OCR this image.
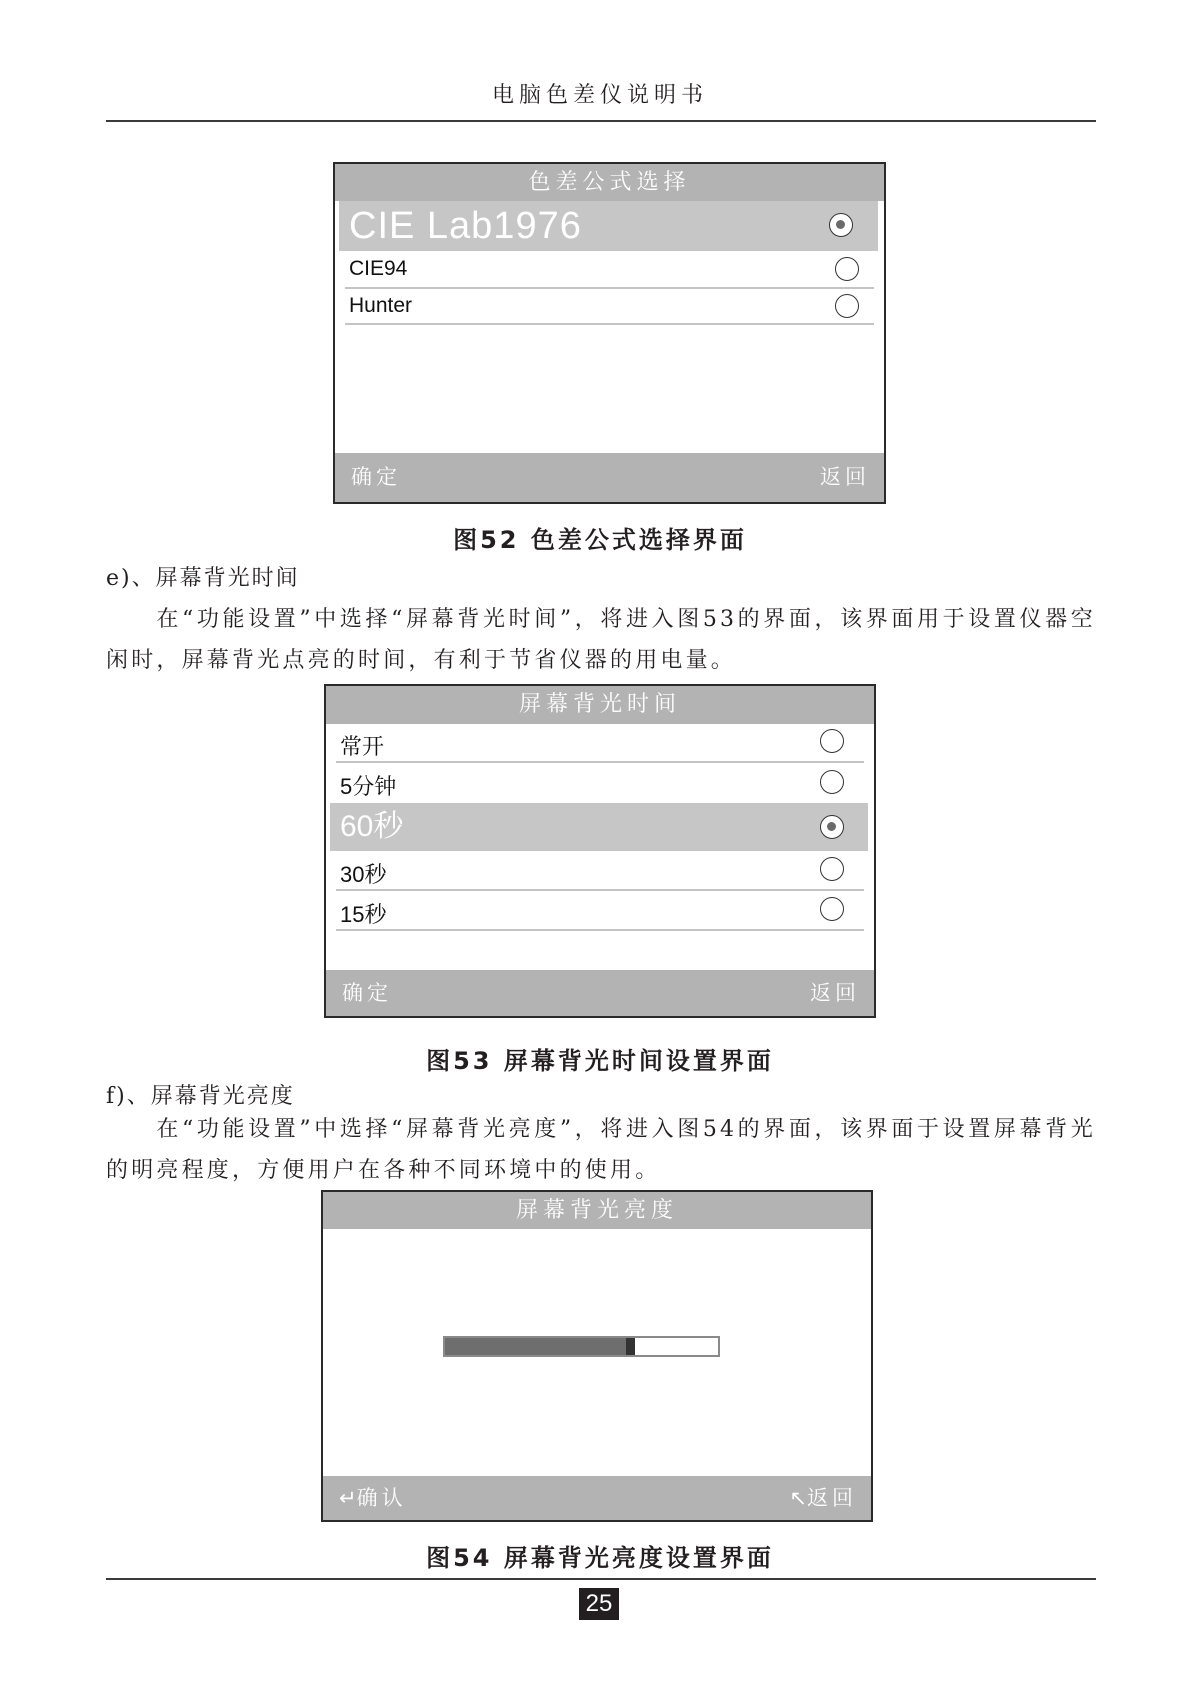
电脑色差仪说明书
色差公式选择
CIE Lab1976
CIE94
Hunter
确定	返回
图52 色差公式选择界面
e)、屏幕背光时间
在“功能设置”中选择“屏幕背光时间”，将进入图53的界面，该界面用于设置仪器空闲时，屏幕背光点亮的时间，有利于节省仪器的用电量。
屏幕背光时间
常开
5分钟
60秒
30秒
15秒
确定	返回
图53 屏幕背光时间设置界面
f)、屏幕背光亮度
在“功能设置”中选择“屏幕背光亮度”，将进入图54的界面，该界面于设置屏幕背光的明亮程度，方便用户在各种不同环境中的使用。
屏幕背光亮度
↵确认	↖返回
图54 屏幕背光亮度设置界面
25
